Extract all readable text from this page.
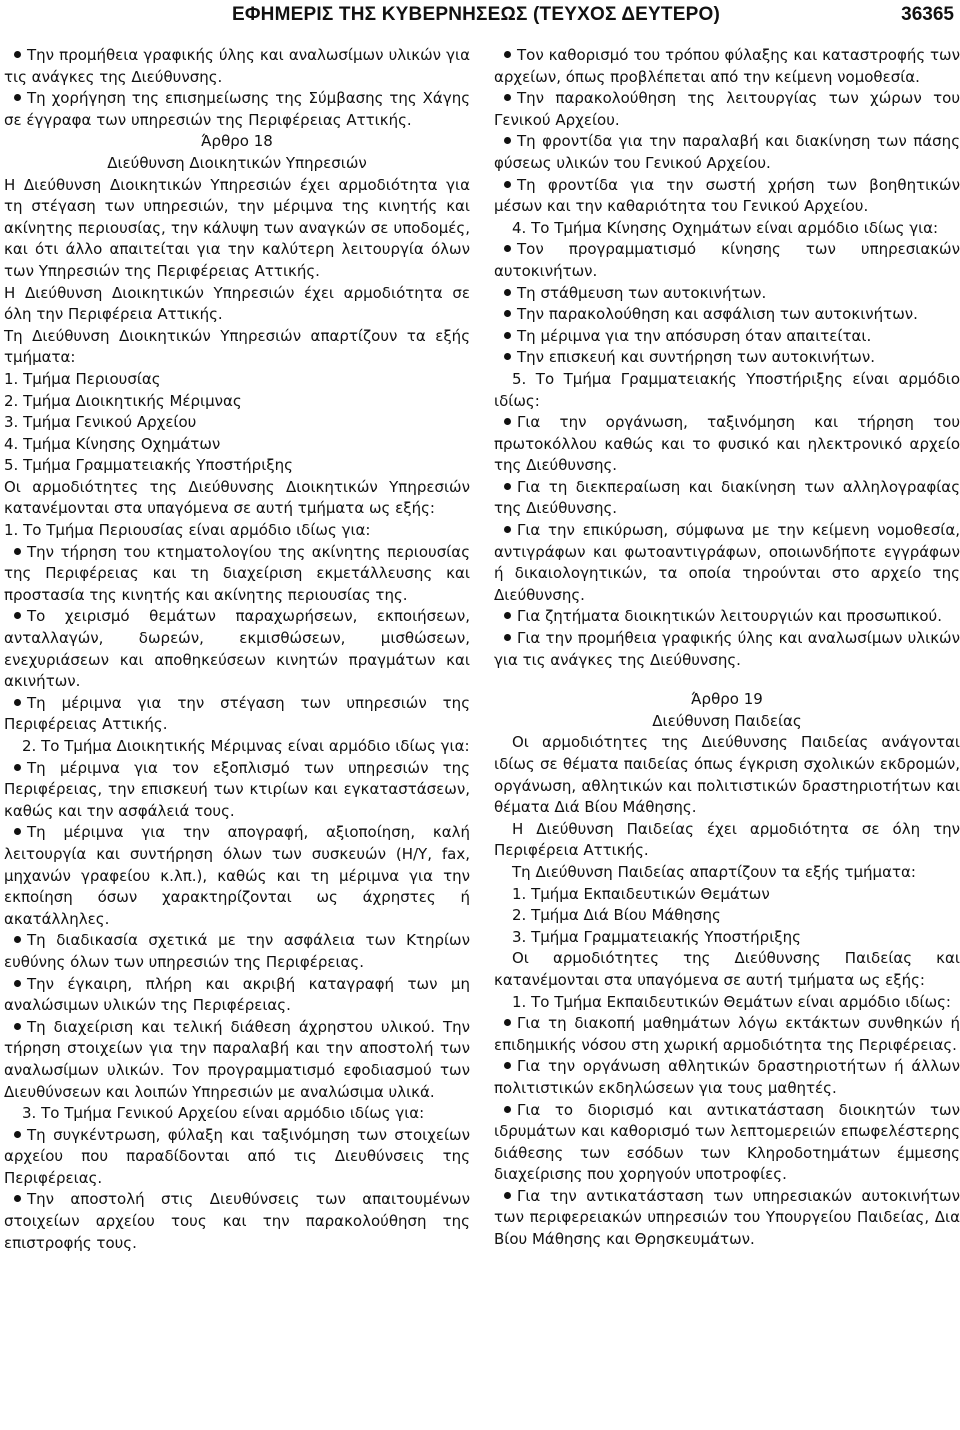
ΕΦΗΜΕΡΙΣ ΤΗΣ ΚΥΒΕΡΝΗΣΕΩΣ (ΤΕΥΧΟΣ ΔΕΥΤΕΡΟ)	36365

Την προμήθεια γραφικής ύλης και αναλωσίμων υλικών για τις ανάγκες της Διεύθυνσης.

Τη χορήγηση της επισημείωσης της Σύμβασης της Χάγης σε έγγραφα των υπηρεσιών της Περιφέρειας Αττικής.

Άρθρο 18

Διεύθυνση Διοικητικών Υπηρεσιών

Η Διεύθυνση Διοικητικών Υπηρεσιών έχει αρμοδιότητα για τη στέγαση των υπηρεσιών, την μέριμνα της κινητής και ακίνητης περιουσίας, την κάλυψη των αναγκών σε υποδομές, και ότι άλλο απαιτείται για την καλύτερη λειτουργία όλων των Υπηρεσιών της Περιφέρειας Αττικής.

Η Διεύθυνση Διοικητικών Υπηρεσιών έχει αρμοδιότητα σε όλη την Περιφέρεια Αττικής.

Τη Διεύθυνση Διοικητικών Υπηρεσιών απαρτίζουν τα εξής τμήματα:

1. Τμήμα Περιουσίας

2. Τμήμα Διοικητικής Μέριμνας

3. Τμήμα Γενικού Αρχείου

4. Τμήμα Κίνησης Οχημάτων

5. Τμήμα Γραμματειακής Υποστήριξης

Οι αρμοδιότητες της Διεύθυνσης Διοικητικών Υπηρεσιών κατανέμονται στα υπαγόμενα σε αυτή τμήματα ως εξής:

1. Το Τμήμα Περιουσίας είναι αρμόδιο ιδίως για:

Την τήρηση του κτηματολογίου της ακίνητης περιουσίας της Περιφέρειας και τη διαχείριση εκμετάλλευσης και προστασία της κινητής και ακίνητης περιουσίας της.

Το χειρισμό θεμάτων παραχωρήσεων, εκποιήσεων, ανταλλαγών, δωρεών, εκμισθώσεων, μισθώσεων, ενεχυριάσεων και αποθηκεύσεων κινητών πραγμάτων και ακινήτων.

Τη μέριμνα για την στέγαση των υπηρεσιών της Περιφέρειας Αττικής.

2. Το Τμήμα Διοικητικής Μέριμνας είναι αρμόδιο ιδίως για:

Τη μέριμνα για τον εξοπλισμό των υπηρεσιών της Περιφέρειας, την επισκευή των κτιρίων και εγκαταστάσεων, καθώς και την ασφάλειά τους.

Τη μέριμνα για την απογραφή, αξιοποίηση, καλή λειτουργία και συντήρηση όλων των συσκευών (Η/Υ, fax, μηχανών γραφείου κ.λπ.), καθώς και τη μέριμνα για την εκποίηση όσων χαρακτηρίζονται ως άχρηστες ή ακατάλληλες.

Τη διαδικασία σχετικά με την ασφάλεια των Κτηρίων ευθύνης όλων των υπηρεσιών της Περιφέρειας.

Την έγκαιρη, πλήρη και ακριβή καταγραφή των μη αναλώσιμων υλικών της Περιφέρειας.

Τη διαχείριση και τελική διάθεση άχρηστου υλικού. Την τήρηση στοιχείων για την παραλαβή και την αποστολή των αναλωσίμων υλικών. Τον προγραμματισμό εφοδιασμού των Διευθύνσεων και λοιπών Υπηρεσιών με αναλώσιμα υλικά.

3. Το Τμήμα Γενικού Αρχείου είναι αρμόδιο ιδίως για:

Τη συγκέντρωση, φύλαξη και ταξινόμηση των στοιχείων αρχείου που παραδίδονται από τις Διευθύνσεις της Περιφέρειας.

Την αποστολή στις Διευθύνσεις των απαιτουμένων στοιχείων αρχείου τους και την παρακολούθηση της επιστροφής τους.

Τον καθορισμό του τρόπου φύλαξης και καταστροφής των αρχείων, όπως προβλέπεται από την κείμενη νομοθεσία.

Την παρακολούθηση της λειτουργίας των χώρων του Γενικού Αρχείου.

Τη φροντίδα για την παραλαβή και διακίνηση των πάσης φύσεως υλικών του Γενικού Αρχείου.

Τη φροντίδα για την σωστή χρήση των βοηθητικών μέσων και την καθαριότητα του Γενικού Αρχείου.

4. Το Τμήμα Κίνησης Οχημάτων είναι αρμόδιο ιδίως για:

Τον προγραμματισμό κίνησης των υπηρεσιακών αυτοκινήτων.

Τη στάθμευση των αυτοκινήτων.

Την παρακολούθηση και ασφάλιση των αυτοκινήτων.

Τη μέριμνα για την απόσυρση όταν απαιτείται.

Την επισκευή και συντήρηση των αυτοκινήτων.

5. Το Τμήμα Γραμματειακής Υποστήριξης είναι αρμόδιο ιδίως:

Για την οργάνωση, ταξινόμηση και τήρηση του πρωτοκόλλου καθώς και το φυσικό και ηλεκτρονικό αρχείο της Διεύθυνσης.

Για τη διεκπεραίωση και διακίνηση των αλληλογραφίας της Διεύθυνσης.

Για την επικύρωση, σύμφωνα με την κείμενη νομοθεσία, αντιγράφων και φωτοαντιγράφων, οποιωνδήποτε εγγράφων ή δικαιολογητικών, τα οποία τηρούνται στο αρχείο της Διεύθυνσης.

Για ζητήματα διοικητικών λειτουργιών και προσωπικού.

Για την προμήθεια γραφικής ύλης και αναλωσίμων υλικών για τις ανάγκες της Διεύθυνσης.

Άρθρο 19

Διεύθυνση Παιδείας

Οι αρμοδιότητες της Διεύθυνσης Παιδείας ανάγονται ιδίως σε θέματα παιδείας όπως έγκριση σχολικών εκδρομών, οργάνωση, αθλητικών και πολιτιστικών δραστηριοτήτων και θέματα Διά Βίου Μάθησης.

Η Διεύθυνση Παιδείας έχει αρμοδιότητα σε όλη την Περιφέρεια Αττικής.

Τη Διεύθυνση Παιδείας απαρτίζουν τα εξής τμήματα:

1. Τμήμα Εκπαιδευτικών Θεμάτων

2. Τμήμα Διά Βίου Μάθησης

3. Τμήμα Γραμματειακής Υποστήριξης

Οι αρμοδιότητες της Διεύθυνσης Παιδείας και κατανέμονται στα υπαγόμενα σε αυτή τμήματα ως εξής:

1. Το Τμήμα Εκπαιδευτικών Θεμάτων είναι αρμόδιο ιδίως:

Για τη διακοπή μαθημάτων λόγω εκτάκτων συνθηκών ή επιδημικής νόσου στη χωρική αρμοδιότητα της Περιφέρειας.

Για την οργάνωση αθλητικών δραστηριοτήτων ή άλλων πολιτιστικών εκδηλώσεων για τους μαθητές.

Για το διορισμό και αντικατάσταση διοικητών των ιδρυμάτων και καθορισμό των λεπτομερειών επωφελέστερης διάθεσης των εσόδων των Κληροδοτημάτων έμμεσης διαχείρισης που χορηγούν υποτροφίες.

Για την αντικατάσταση των υπηρεσιακών αυτοκινήτων των περιφερειακών υπηρεσιών του Υπουργείου Παιδείας, Δια Βίου Μάθησης και Θρησκευμάτων.
